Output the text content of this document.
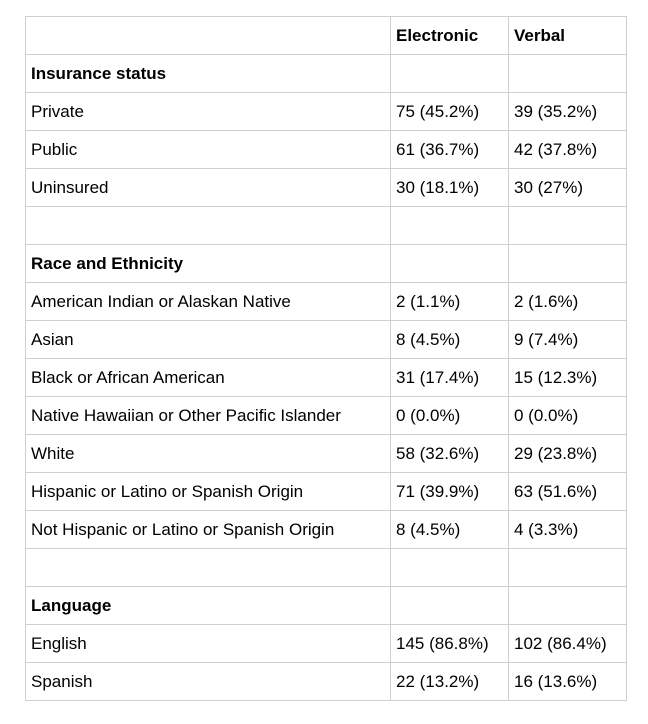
	Electronic	Verbal
Insurance status		
Private	75 (45.2%)	39 (35.2%)
Public	61 (36.7%)	42 (37.8%)
Uninsured	30 (18.1%)	30 (27%)

Race and Ethnicity		
American Indian or Alaskan Native	2 (1.1%)	2 (1.6%)
Asian	8 (4.5%)	9 (7.4%)
Black or African American	31 (17.4%)	15 (12.3%)
Native Hawaiian or Other Pacific Islander	0 (0.0%)	0 (0.0%)
White	58 (32.6%)	29 (23.8%)
Hispanic or Latino or Spanish Origin	71 (39.9%)	63 (51.6%)
Not Hispanic or Latino or Spanish Origin	8 (4.5%)	4 (3.3%)

Language		
English	145 (86.8%)	102 (86.4%)
Spanish	22 (13.2%)	16 (13.6%)
